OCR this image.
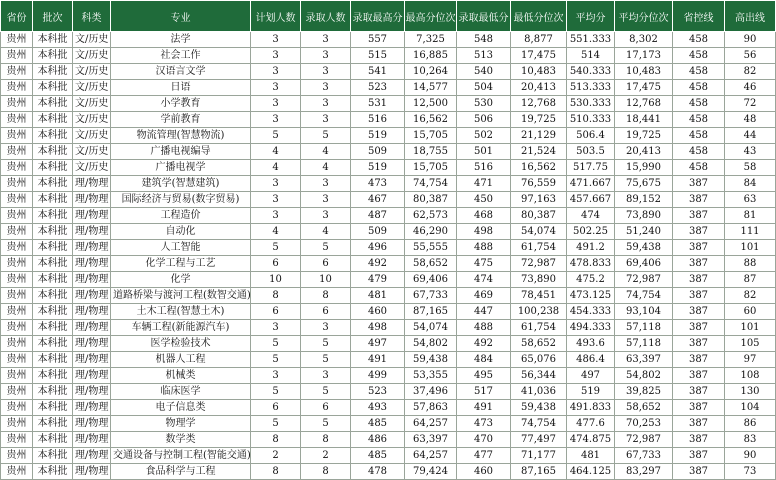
省份	批次	科类	专业	计划人数	录取人数	录取最高分	最高分位次	录取最低分	最低分位次	平均分	平均分位次	省控线	高出线
贵州	本科批	文/历史	法学	3	3	557	7,325	548	8,877	551.333	8,302	458	90
贵州	本科批	文/历史	社会工作	3	3	515	16,885	513	17,475	514	17,173	458	56
贵州	本科批	文/历史	汉语言文学	3	3	541	10,264	540	10,483	540.333	10,483	458	82
贵州	本科批	文/历史	日语	3	3	523	14,577	504	20,413	513.333	17,475	458	46
贵州	本科批	文/历史	小学教育	3	3	531	12,500	530	12,768	530.333	12,768	458	72
贵州	本科批	文/历史	学前教育	3	3	516	16,562	506	19,725	510.333	18,441	458	48
贵州	本科批	文/历史	物流管理(智慧物流)	5	5	519	15,705	502	21,129	506.4	19,725	458	44
贵州	本科批	文/历史	广播电视编导	4	4	509	18,755	501	21,524	503.5	20,413	458	43
贵州	本科批	文/历史	广播电视学	4	4	519	15,705	516	16,562	517.75	15,990	458	58
贵州	本科批	理/物理	建筑学(智慧建筑)	3	3	473	74,754	471	76,559	471.667	75,675	387	84
贵州	本科批	理/物理	国际经济与贸易(数字贸易)	3	3	467	80,387	450	97,163	457.667	89,152	387	63
贵州	本科批	理/物理	工程造价	3	3	487	62,573	468	80,387	474	73,890	387	81
贵州	本科批	理/物理	自动化	4	4	509	46,290	498	54,074	502.25	51,240	387	111
贵州	本科批	理/物理	人工智能	5	5	496	55,555	488	61,754	491.2	59,438	387	101
贵州	本科批	理/物理	化学工程与工艺	6	6	492	58,652	475	72,987	478.833	69,406	387	88
贵州	本科批	理/物理	化学	10	10	479	69,406	474	73,890	475.2	72,987	387	87
贵州	本科批	理/物理	道路桥梁与渡河工程(数智交通)	8	8	481	67,733	469	78,451	473.125	74,754	387	82
贵州	本科批	理/物理	土木工程(智慧土木)	6	6	460	87,165	447	100,238	454.333	93,104	387	60
贵州	本科批	理/物理	车辆工程(新能源汽车)	3	3	498	54,074	488	61,754	494.333	57,118	387	101
贵州	本科批	理/物理	医学检验技术	5	5	497	54,802	492	58,652	493.6	57,118	387	105
贵州	本科批	理/物理	机器人工程	5	5	491	59,438	484	65,076	486.4	63,397	387	97
贵州	本科批	理/物理	机械类	3	3	499	53,355	495	56,344	497	54,802	387	108
贵州	本科批	理/物理	临床医学	5	5	523	37,496	517	41,036	519	39,825	387	130
贵州	本科批	理/物理	电子信息类	6	6	493	57,863	491	59,438	491.833	58,652	387	104
贵州	本科批	理/物理	物理学	5	5	485	64,257	473	74,754	477.6	70,253	387	86
贵州	本科批	理/物理	数学类	8	8	486	63,397	470	77,497	474.875	72,987	387	83
贵州	本科批	理/物理	交通设备与控制工程(智能交通)	2	2	485	64,257	477	71,177	481	67,733	387	90
贵州	本科批	理/物理	食品科学与工程	8	8	478	79,424	460	87,165	464.125	83,297	387	73
